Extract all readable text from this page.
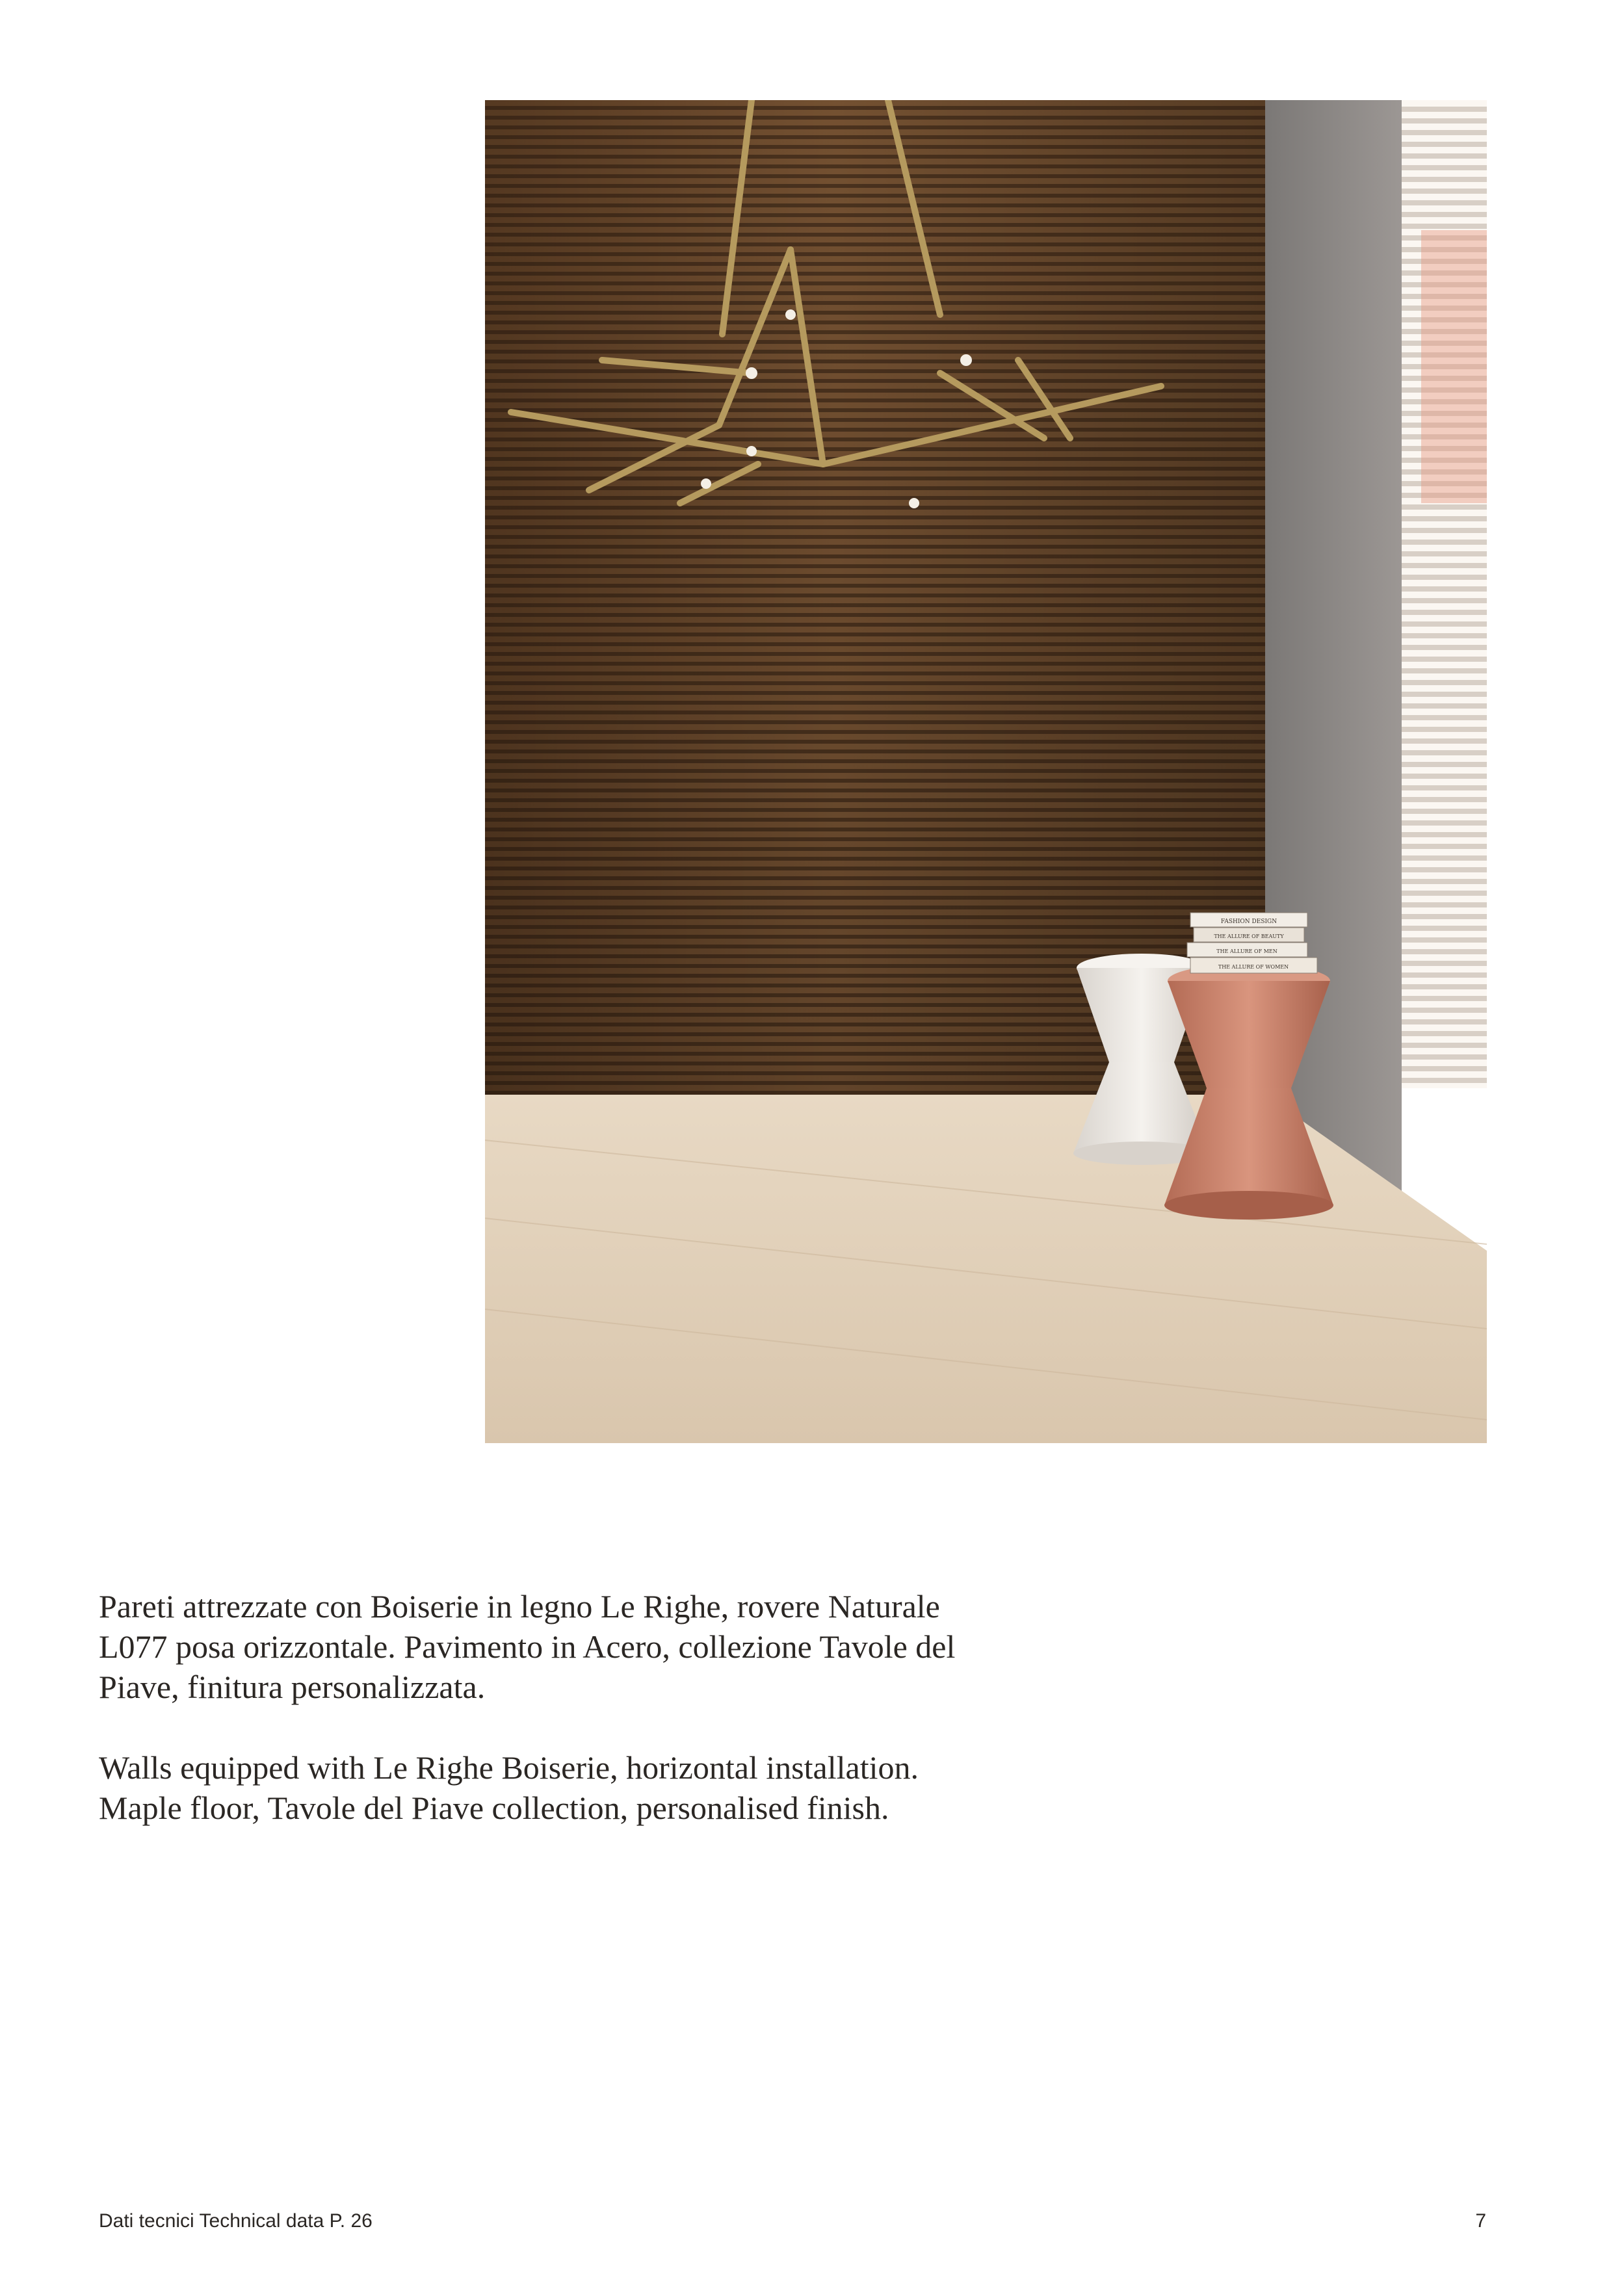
FASHION DESIGN
THE ALLURE OF BEAUTY
THE ALLURE OF MEN
THE ALLURE OF WOMEN

Pareti attrezzate con Boiserie in legno Le Righe, rovere Naturale
L077 posa orizzontale. Pavimento in Acero, collezione Tavole del
Piave, finitura personalizzata.

Walls equipped with Le Righe Boiserie, horizontal installation.
Maple floor, Tavole del Piave collection, personalised finish.

Dati tecnici Technical data P. 26	7
